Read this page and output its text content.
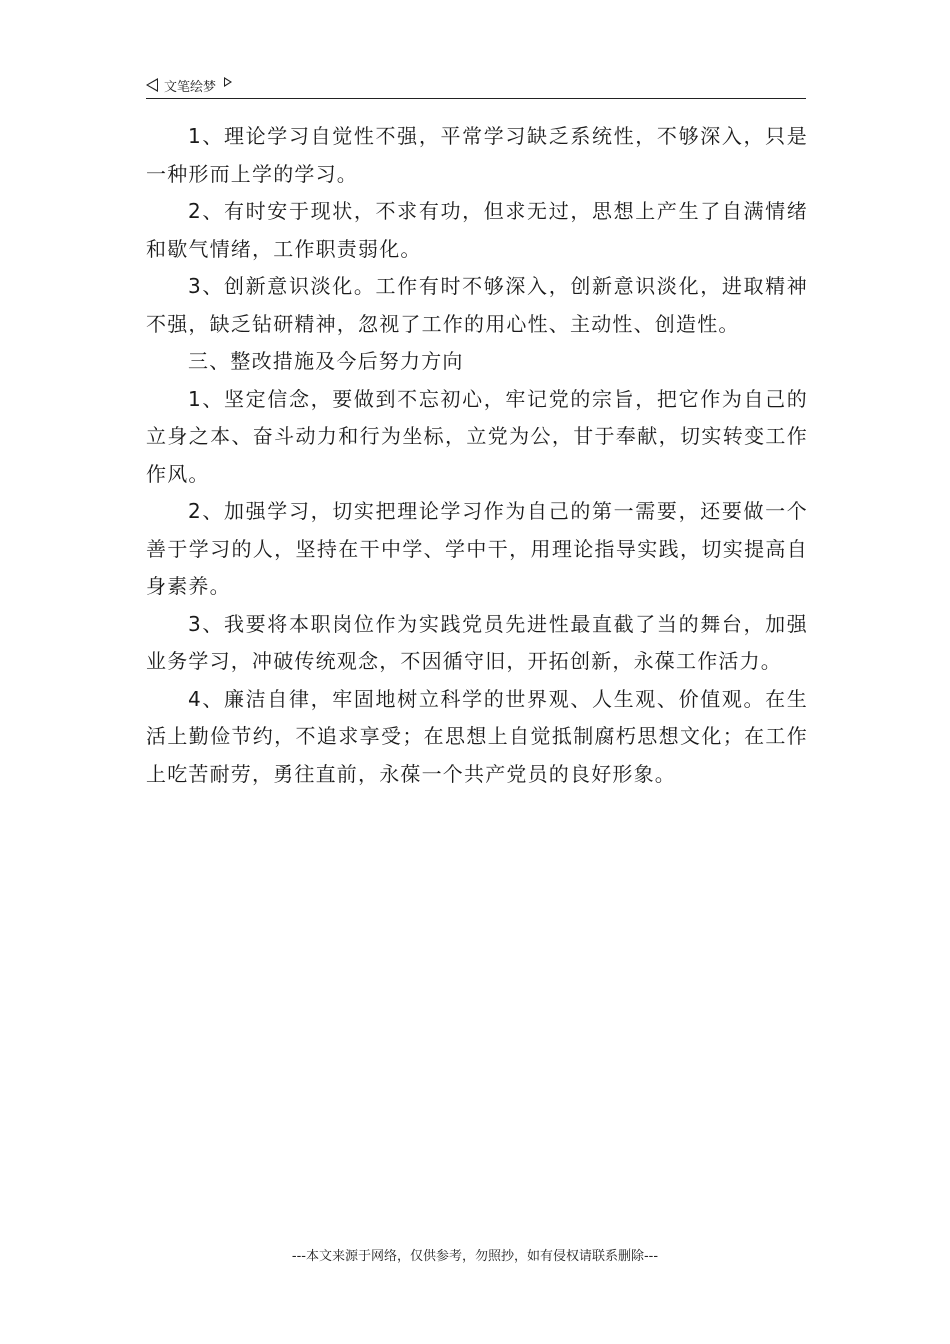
文笔绘梦

1、理论学习自觉性不强，平常学习缺乏系统性，不够深入，只是一种形而上学的学习。

2、有时安于现状，不求有功，但求无过，思想上产生了自满情绪和歇气情绪，工作职责弱化。

3、创新意识淡化。工作有时不够深入，创新意识淡化，进取精神不强，缺乏钻研精神，忽视了工作的用心性、主动性、创造性。

三、整改措施及今后努力方向

1、坚定信念，要做到不忘初心，牢记党的宗旨，把它作为自己的立身之本、奋斗动力和行为坐标，立党为公，甘于奉献，切实转变工作作风。

2、加强学习，切实把理论学习作为自己的第一需要，还要做一个善于学习的人，坚持在干中学、学中干，用理论指导实践，切实提高自身素养。

3、我要将本职岗位作为实践党员先进性最直截了当的舞台，加强业务学习，冲破传统观念，不因循守旧，开拓创新，永葆工作活力。

4、廉洁自律，牢固地树立科学的世界观、人生观、价值观。在生活上勤俭节约，不追求享受；在思想上自觉抵制腐朽思想文化；在工作上吃苦耐劳，勇往直前，永葆一个共产党员的良好形象。

---本文来源于网络，仅供参考，勿照抄，如有侵权请联系删除---
